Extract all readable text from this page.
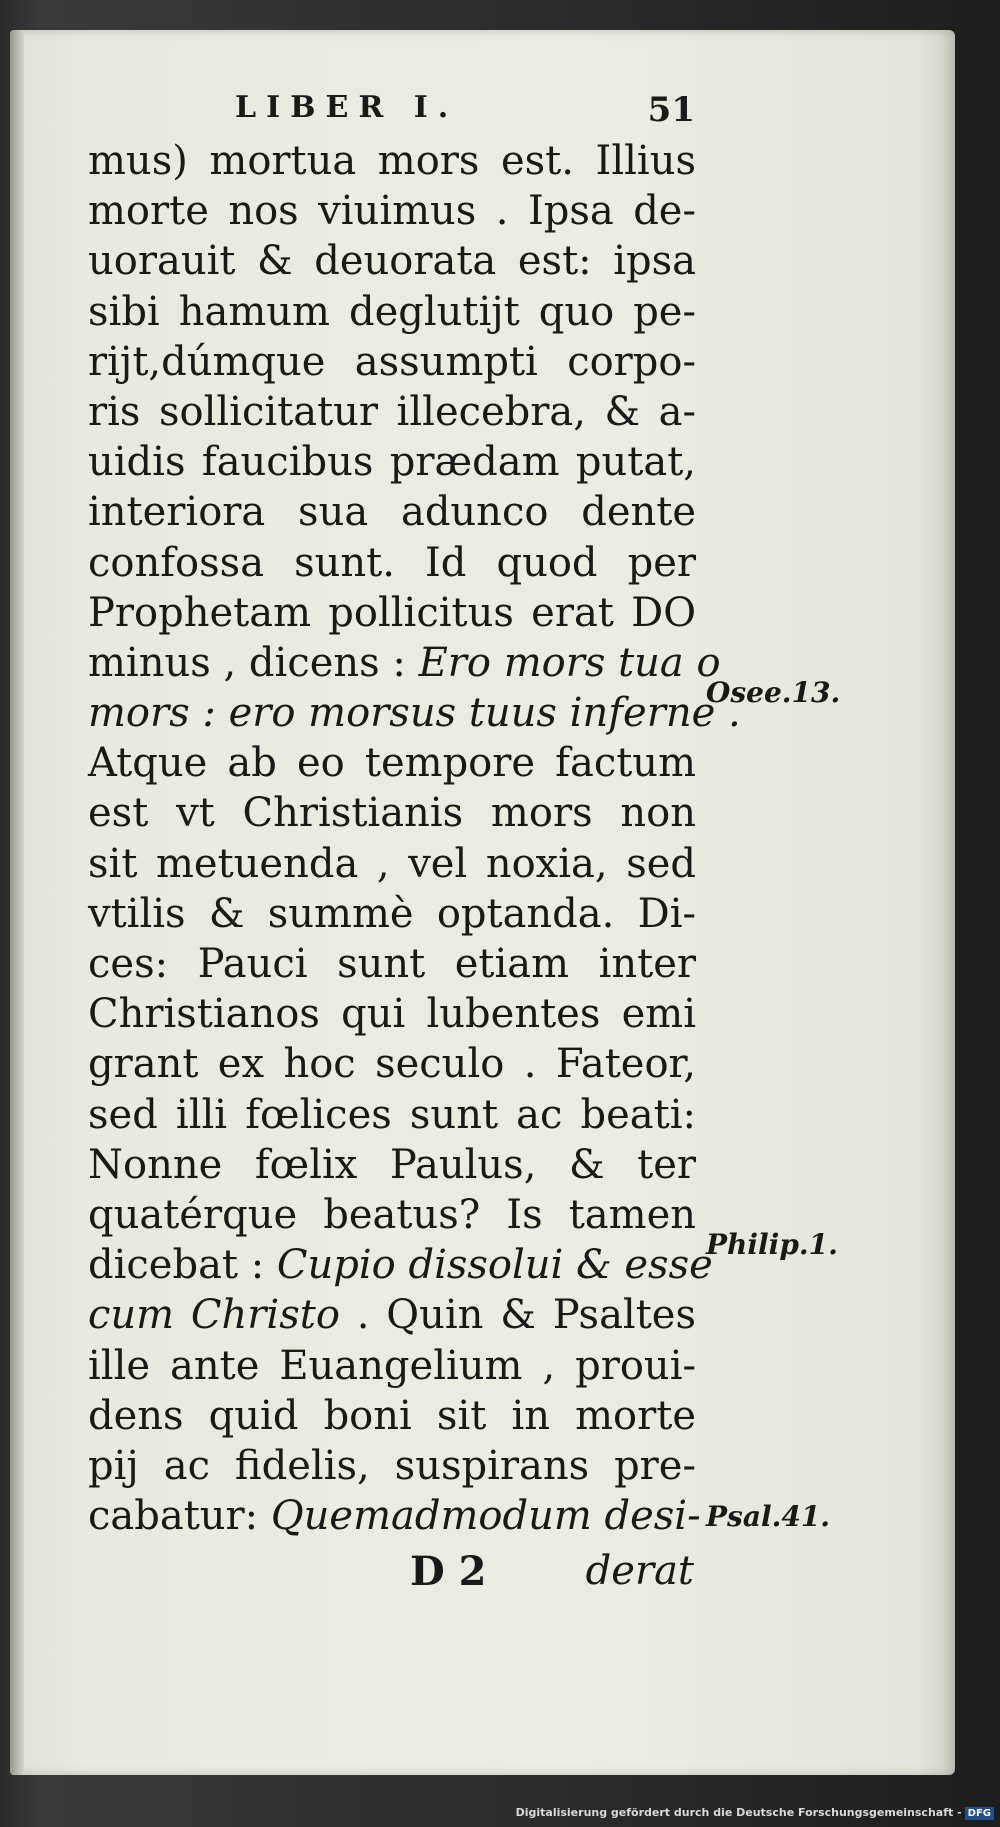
LIBER I.	51
mus) mortua mors est. Illius
morte nos viuimus . Ipsa de-
uorauit & deuorata est: ipsa
sibi hamum deglutijt quo pe-
rijt,dúmque assumpti corpo-
ris sollicitatur illecebra, & a-
uidis faucibus prædam putat,
interiora sua adunco dente
confossa sunt. Id quod per
Prophetam pollicitus erat DO
minus , dicens : Ero mors tua o
mors : ero morsus tuus inferne .
Atque ab eo tempore factum
est vt Christianis mors non
sit metuenda , vel noxia, sed
vtilis & summè optanda. Di-
ces: Pauci sunt etiam inter
Christianos qui lubentes emi
grant ex hoc seculo . Fateor,
sed illi fœlices sunt ac beati:
Nonne fœlix Paulus, & ter
quatérque beatus? Is tamen
dicebat : Cupio dissolui & esse
cum Christo . Quin & Psaltes
ille ante Euangelium , proui-
dens quid boni sit in morte
pij ac fidelis, suspirans pre-
cabatur: Quemadmodum desi-
D 2 derat
Osee.13.
Philip.1.
Psal.41.
Digitalisierung gefördert durch die Deutsche Forschungsgemeinschaft - DFG
